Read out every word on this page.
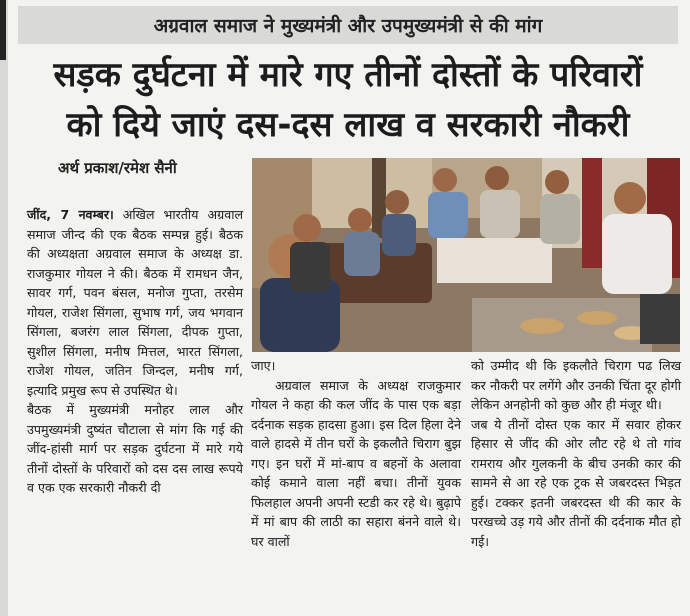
अग्रवाल समाज ने मुख्यमंत्री और उपमुख्यमंत्री से की मांग
सड़क दुर्घटना में मारे गए तीनों दोस्तों के परिवारों
को दिये जाएं दस-दस लाख व सरकारी नौकरी
अर्थ प्रकाश/रमेश सैनी

जींद, 7 नवम्बर। अखिल भारतीय अग्रवाल समाज जीन्द की एक बैठक सम्पन्न हुई। बैठक की अध्यक्षता अग्रवाल समाज के अध्यक्ष डा. राजकुमार गोयल ने की। बैठक में रामधन जैन, सावर गर्ग, पवन बंसल, मनोज गुप्ता, तरसेम गोयल, राजेश सिंगला, सुभाष गर्ग, जय भगवान सिंगला, बजरंग लाल सिंगला, दीपक गुप्ता, सुशील सिंगला, मनीष मित्तल, भारत सिंगला, राजेश गोयल, जतिन जिन्दल, मनीष गर्ग, इत्यादि प्रमुख रूप से उपस्थित थे।

बैठक में मुख्यमंत्री मनोहर लाल और उपमुख्यमंत्री दुष्यंत चौटाला से मांग कि गई की जींद-हांसी मार्ग पर सड़क दुर्घटना में मारे गये तीनों दोस्तों के परिवारों को दस दस लाख रूपये व एक एक सरकारी नौकरी दी

जाए।

अग्रवाल समाज के अध्यक्ष राजकुमार गोयल ने कहा की कल जींद के पास एक बड़ा दर्दनाक सड़क हादसा हुआ। इस दिल हिला देने वाले हादसे में तीन घरों के इकलौते चिराग बुझ गए। इन घरों में मां-बाप व बहनों के अलावा कोई कमाने वाला नहीं बचा। तीनों युवक फिलहाल अपनी अपनी स्टडी कर रहे थे। बुढ़ापे में मां बाप की लाठी का सहारा बंनने वाले थे। घर वालों

को उम्मीद थी कि इकलौते चिराग पढ लिख कर नौकरी पर लगेंगे और उनकी चिंता दूर होगी लेकिन अनहोनी को कुछ और ही मंजूर थी।

जब ये तीनों दोस्त एक कार में सवार होकर हिसार से जींद की ओर लौट रहे थे तो गांव रामराय और गुलकनी के बीच उनकी कार की सामने से आ रहे एक ट्रक से जबरदस्त भिड़त हुई। टक्कर इतनी जबरदस्त थी की कार के परखच्चे उड़ गये और तीनों की दर्दनाक मौत हो गई।
